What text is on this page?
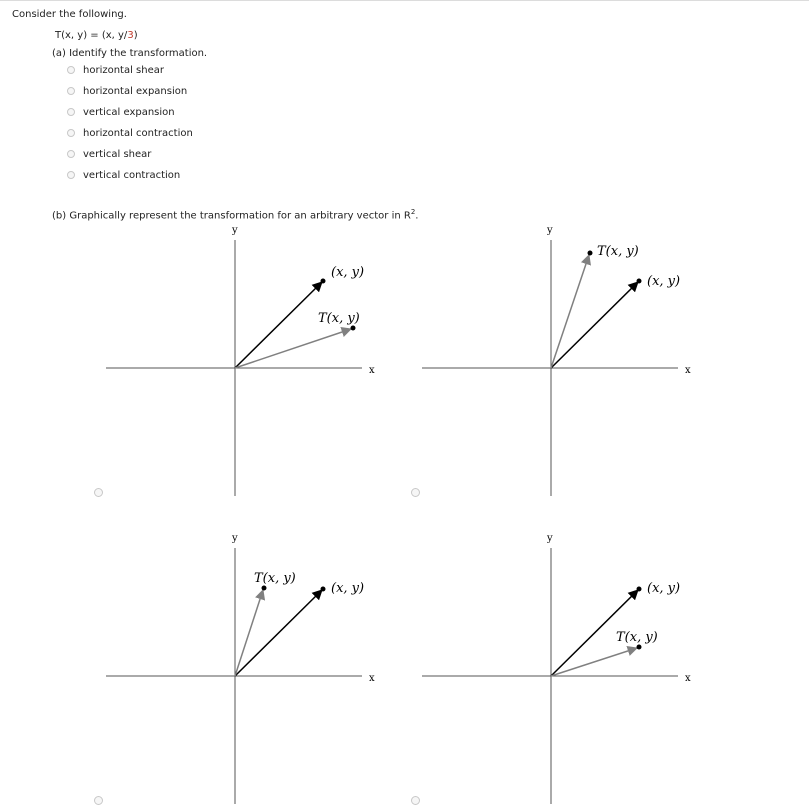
Consider the following.
T(x, y) = (x, y/3)
(a) Identify the transformation.
horizontal shear
horizontal expansion
vertical expansion
horizontal contraction
vertical shear
vertical contraction
(b) Graphically represent the transformation for an arbitrary vector in $R^2$.
y
x
(x, y)
T(x, y)
y
x
(x, y)
T(x, y)
y
x
(x, y)
T(x, y)
y
x
(x, y)
T(x, y)
